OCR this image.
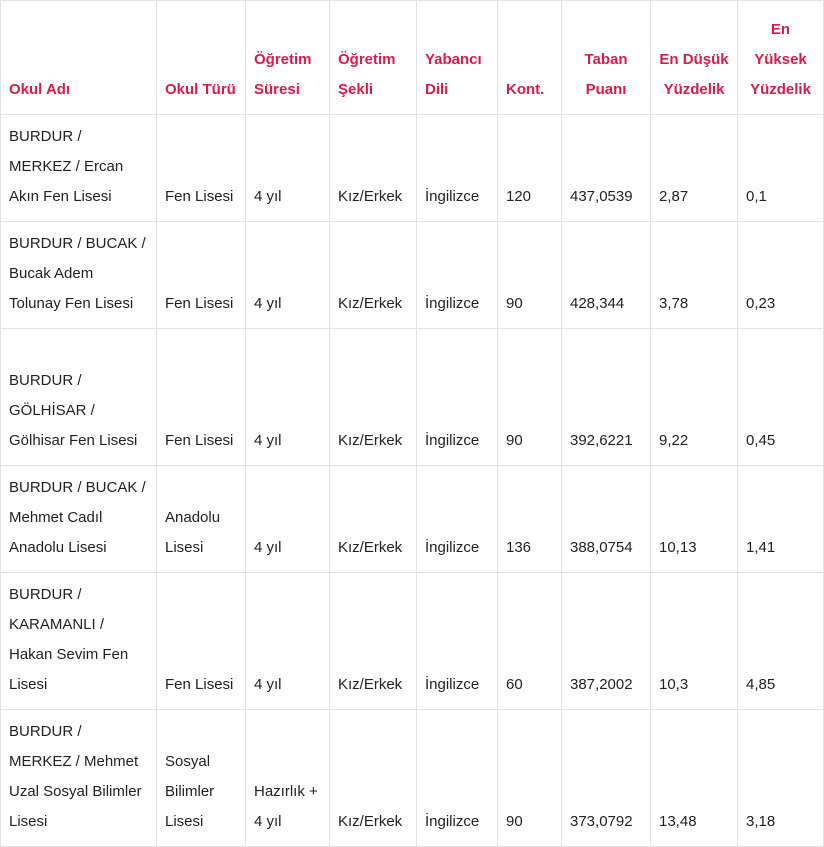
Okul Adı	Okul Türü	Öğretim Süresi	Öğretim Şekli	Yabancı Dili	Kont.	Taban Puanı	En Düşük Yüzdelik	En Yüksek Yüzdelik
BURDUR / MERKEZ / Ercan Akın Fen Lisesi	Fen Lisesi	4 yıl	Kız/Erkek	İngilizce	120	437,0539	2,87	0,1
BURDUR / BUCAK / Bucak Adem Tolunay Fen Lisesi	Fen Lisesi	4 yıl	Kız/Erkek	İngilizce	90	428,344	3,78	0,23
BURDUR / GÖLHİSAR / Gölhisar Fen Lisesi	Fen Lisesi	4 yıl	Kız/Erkek	İngilizce	90	392,6221	9,22	0,45
BURDUR / BUCAK / Mehmet Cadıl Anadolu Lisesi	Anadolu Lisesi	4 yıl	Kız/Erkek	İngilizce	136	388,0754	10,13	1,41
BURDUR / KARAMANLI / Hakan Sevim Fen Lisesi	Fen Lisesi	4 yıl	Kız/Erkek	İngilizce	60	387,2002	10,3	4,85
BURDUR / MERKEZ / Mehmet Uzal Sosyal Bilimler Lisesi	Sosyal Bilimler Lisesi	Hazırlık + 4 yıl	Kız/Erkek	İngilizce	90	373,0792	13,48	3,18
